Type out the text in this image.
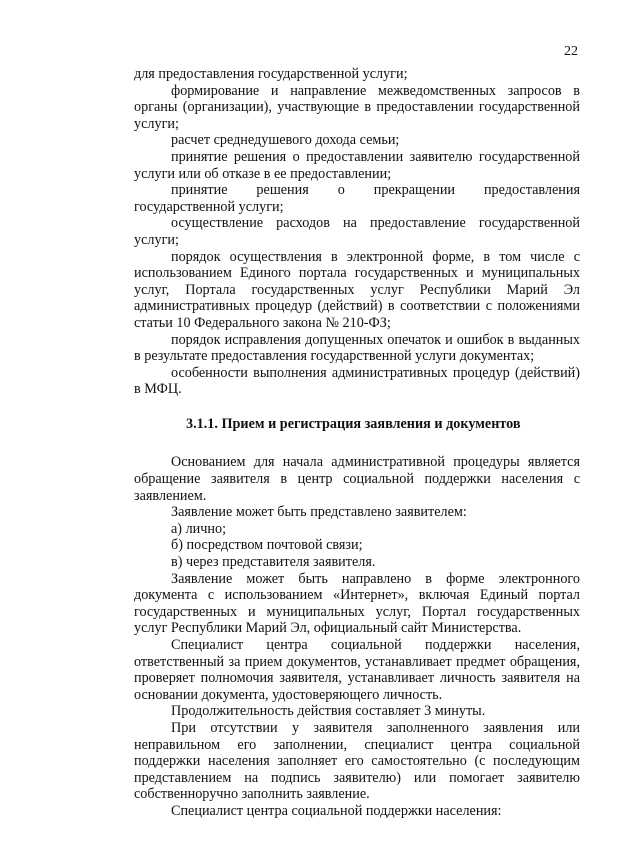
22

для предоставления государственной услуги;

формирование и направление межведомственных запросов в органы (организации), участвующие в предоставлении государственной услуги;

расчет среднедушевого дохода семьи;

принятие решения о предоставлении заявителю государственной услуги или об отказе в ее предоставлении;

принятие решения о прекращении предоставления государственной услуги;

осуществление расходов на предоставление государственной услуги;

порядок осуществления в электронной форме, в том числе с использованием Единого портала государственных и муниципальных услуг, Портала государственных услуг Республики Марий Эл административных процедур (действий) в соответствии с положениями статьи 10 Федерального закона № 210-ФЗ;

порядок исправления допущенных опечаток и ошибок в выданных в результате предоставления государственной услуги документах;

особенности выполнения административных процедур (действий) в МФЦ.

3.1.1. Прием и регистрация заявления и документов

Основанием для начала административной процедуры является обращение заявителя в центр социальной поддержки населения с заявлением.

Заявление может быть представлено заявителем:

а) лично;

б) посредством почтовой связи;

в) через представителя заявителя.

Заявление может быть направлено в форме электронного документа с использованием «Интернет», включая Единый портал государственных и муниципальных услуг, Портал государственных услуг Республики Марий Эл, официальный сайт Министерства.

Специалист центра социальной поддержки населения, ответственный за прием документов, устанавливает предмет обращения, проверяет полномочия заявителя, устанавливает личность заявителя на основании документа, удостоверяющего личность.

Продолжительность действия составляет 3 минуты.

При отсутствии у заявителя заполненного заявления или неправильном его заполнении, специалист центра социальной поддержки населения заполняет его самостоятельно (с последующим представлением на подпись заявителю) или помогает заявителю собственноручно заполнить заявление.

Специалист центра социальной поддержки населения:
